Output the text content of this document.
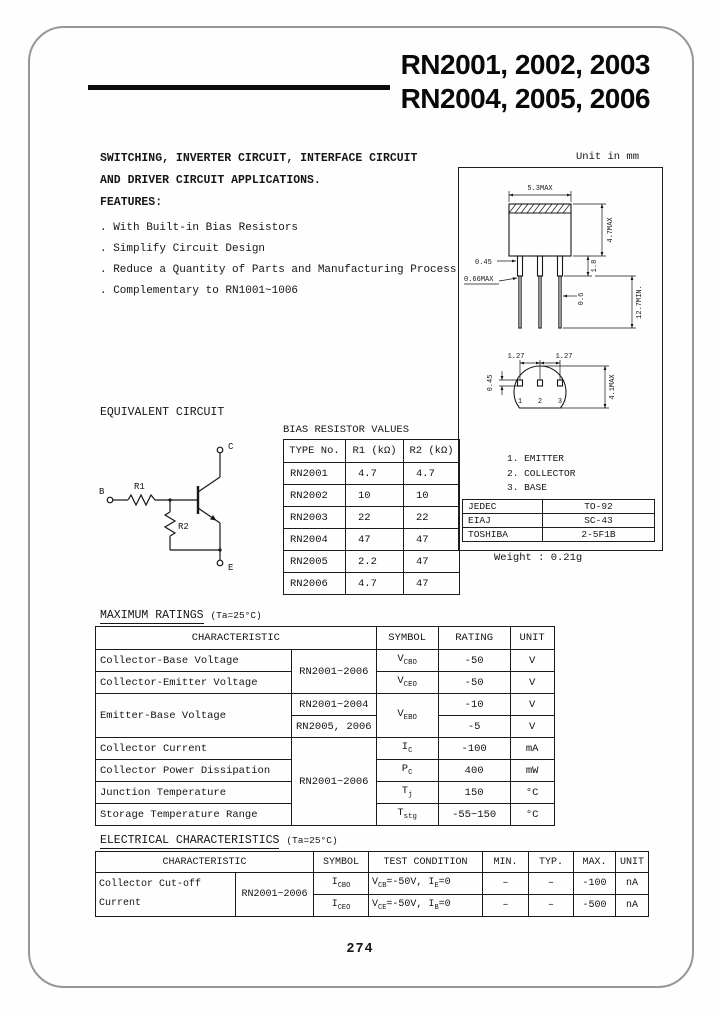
RN2001, 2002, 2003
RN2004, 2005, 2006
SWITCHING, INVERTER CIRCUIT, INTERFACE CIRCUIT
AND DRIVER CIRCUIT APPLICATIONS.
Unit in mm
FEATURES:
. With Built-in Bias Resistors
. Simplify Circuit Design
. Reduce a Quantity of Parts and Manufacturing Process
. Complementary to RN1001~1006
5.3MAX
4.7MAX
0.45
0.66MAX
1.8
0.6	12.7MIN.
1.27	1.27
0.45	4.1MAX
1 2 3
1. EMITTER
2. COLLECTOR
3. BASE
JEDEC	TO-92
EIAJ	SC-43
TOSHIBA	2-5F1B
Weight : 0.21g
EQUIVALENT CIRCUIT
B
C
E
R1
R2
BIAS RESISTOR VALUES
TYPE No.	R1 (kΩ)	R2 (kΩ)
RN2001	4.7	4.7
RN2002	10	10
RN2003	22	22
RN2004	47	47
RN2005	2.2	47
RN2006	4.7	47
MAXIMUM RATINGS (Ta=25°C)
CHARACTERISTIC		SYMBOL	RATING	UNIT
Collector-Base Voltage	RN2001~2006	$V_{CBO}$	-50	V
Collector-Emitter Voltage		$V_{CEO}$	-50	V
Emitter-Base Voltage	RN2001~2004	$V_{EBO}$	-10	V
	RN2005, 2006		-5	V
Collector Current	RN2001~2006	$I_C$	-100	mA
Collector Power Dissipation		$P_C$	400	mW
Junction Temperature		$T_j$	150	°C
Storage Temperature Range		$T_{stg}$	-55~150	°C
ELECTRICAL CHARACTERISTICS (Ta=25°C)
CHARACTERISTIC		SYMBOL	TEST CONDITION	MIN.	TYP.	MAX.	UNIT

Collector Cut-off
Current	RN2001~2006	$I_{CBO}$	$V_{CB}=-50V$, $I_E=0$	–	–	-100	nA
		$I_{CEO}$	$V_{CE}=-50V$, $I_B=0$	–	–	-500	nA
274
